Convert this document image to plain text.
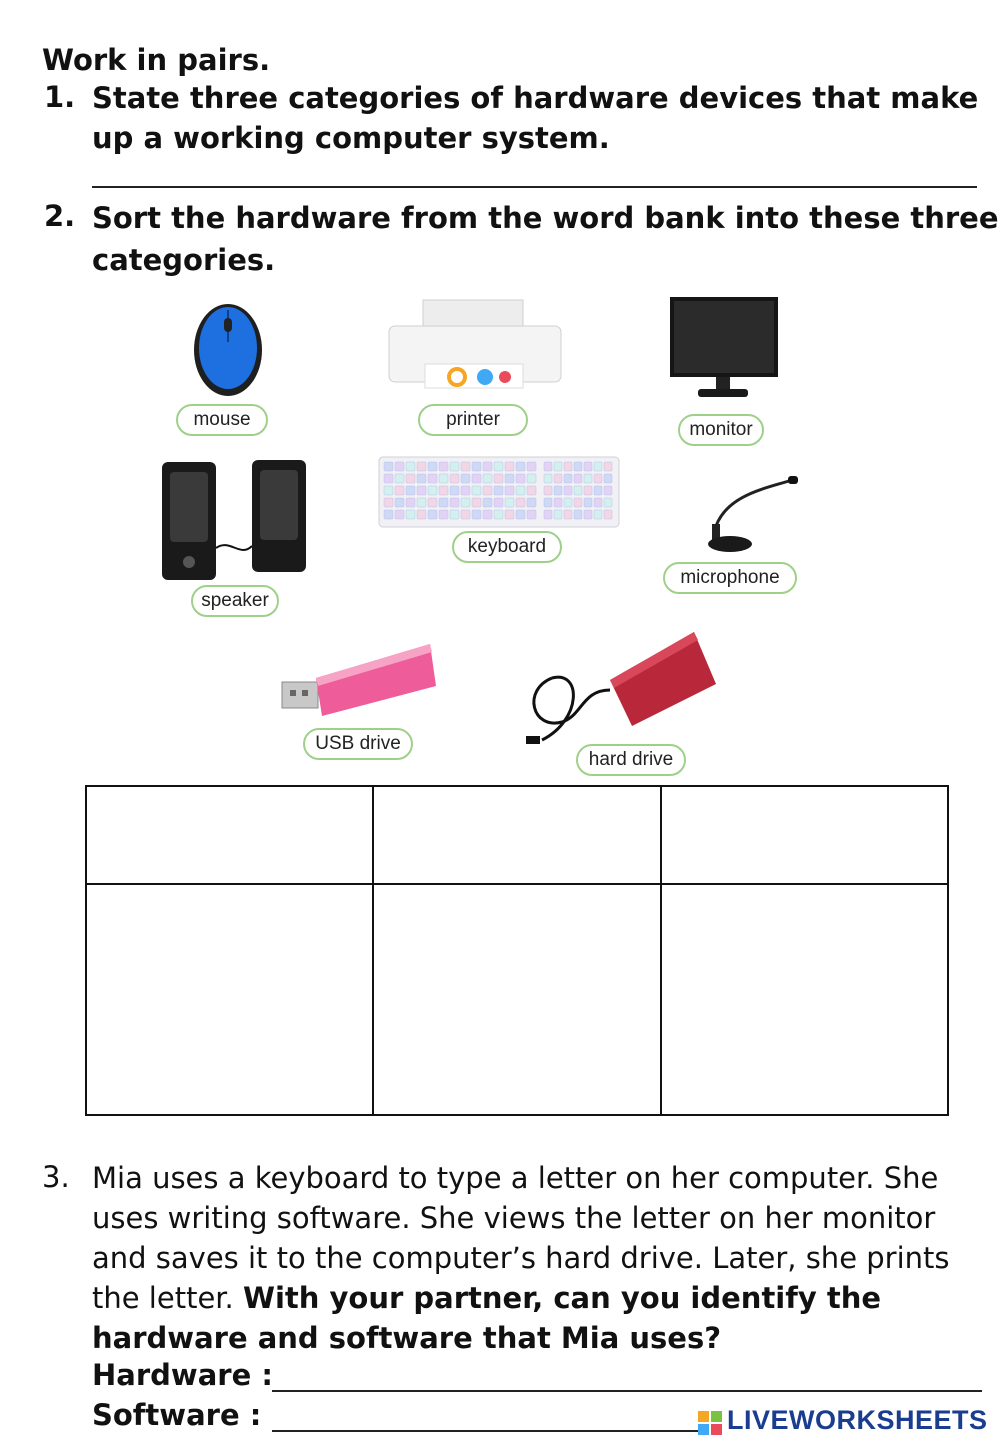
Work in pairs.
1. State three categories of hardware devices that make
up a working computer system.
2. Sort the hardware from the word bank into these three
categories.
mouse	printer	monitor
speaker
keyboard
microphone
USB drive
hard drive

3. Mia uses a keyboard to type a letter on her computer. She
uses writing software. She views the letter on her monitor
and saves it to the computer’s hard drive. Later, she prints
the letter. With your partner, can you identify the
hardware and software that Mia uses?
Hardware :
Software :	LIVEWORKSHEETS
